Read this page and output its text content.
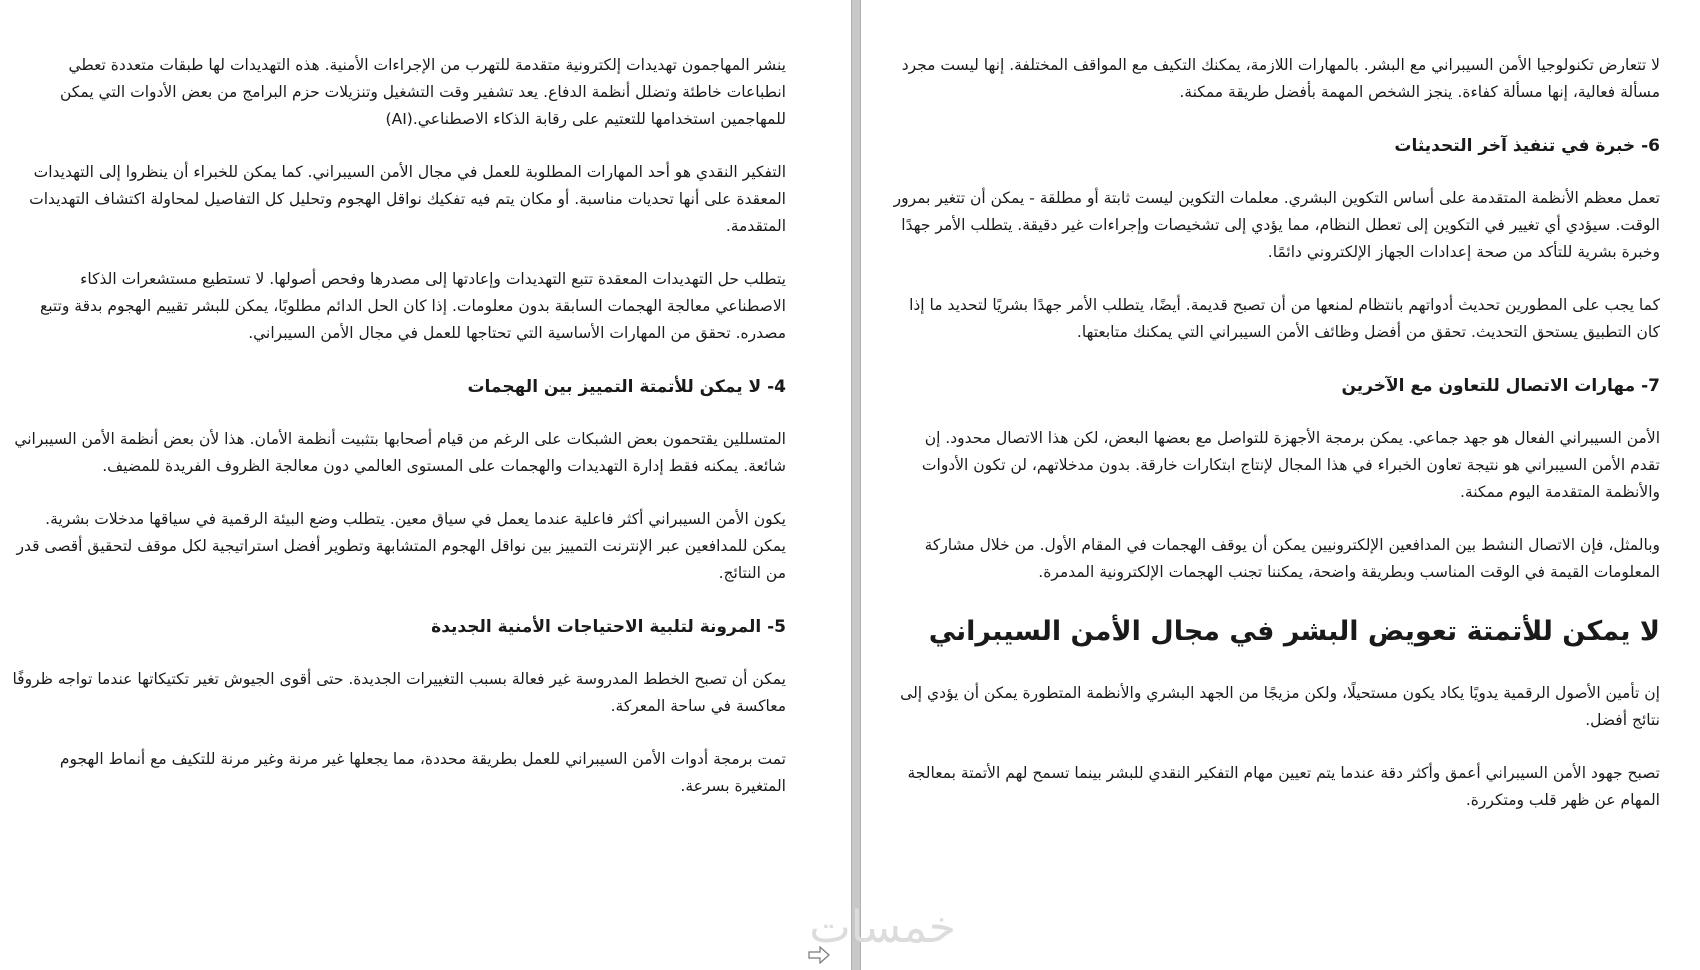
ينشر المهاجمون تهديدات إلكترونية متقدمة للتهرب من الإجراءات الأمنية. هذه التهديدات لها طبقات متعددة تعطي انطباعات خاطئة وتضلل أنظمة الدفاع. يعد تشفير وقت التشغيل وتنزيلات حزم البرامج من بعض الأدوات التي يمكن للمهاجمين استخدامها للتعتيم على رقابة الذكاء الاصطناعي.(AI)

التفكير النقدي هو أحد المهارات المطلوبة للعمل في مجال الأمن السيبراني. كما يمكن للخبراء أن ينظروا إلى التهديدات المعقدة على أنها تحديات مناسبة. أو مكان يتم فيه تفكيك نواقل الهجوم وتحليل كل التفاصيل لمحاولة اكتشاف التهديدات المتقدمة.

يتطلب حل التهديدات المعقدة تتبع التهديدات وإعادتها إلى مصدرها وفحص أصولها. لا تستطيع مستشعرات الذكاء الاصطناعي معالجة الهجمات السابقة بدون معلومات. إذا كان الحل الدائم مطلوبًا، يمكن للبشر تقييم الهجوم بدقة وتتبع مصدره. تحقق من المهارات الأساسية التي تحتاجها للعمل في مجال الأمن السيبراني.

4- لا يمكن للأتمتة التمييز بين الهجمات

المتسللين يقتحمون بعض الشبكات على الرغم من قيام أصحابها بتثبيت أنظمة الأمان. هذا لأن بعض أنظمة الأمن السيبراني شائعة. يمكنه فقط إدارة التهديدات والهجمات على المستوى العالمي دون معالجة الظروف الفريدة للمضيف.

يكون الأمن السيبراني أكثر فاعلية عندما يعمل في سياق معين. يتطلب وضع البيئة الرقمية في سياقها مدخلات بشرية. يمكن للمدافعين عبر الإنترنت التمييز بين نواقل الهجوم المتشابهة وتطوير أفضل استراتيجية لكل موقف لتحقيق أقصى قدر من النتائج.

5- المرونة لتلبية الاحتياجات الأمنية الجديدة

يمكن أن تصبح الخطط المدروسة غير فعالة بسبب التغييرات الجديدة. حتى أقوى الجيوش تغير تكتيكاتها عندما تواجه ظروفًا معاكسة في ساحة المعركة.

تمت برمجة أدوات الأمن السيبراني للعمل بطريقة محددة، مما يجعلها غير مرنة وغير مرنة للتكيف مع أنماط الهجوم المتغيرة بسرعة.

لا تتعارض تكنولوجيا الأمن السيبراني مع البشر. بالمهارات اللازمة، يمكنك التكيف مع المواقف المختلفة. إنها ليست مجرد مسألة فعالية، إنها مسألة كفاءة. ينجز الشخص المهمة بأفضل طريقة ممكنة.

6- خبرة في تنفيذ آخر التحديثات

تعمل معظم الأنظمة المتقدمة على أساس التكوين البشري. معلمات التكوين ليست ثابتة أو مطلقة - يمكن أن تتغير بمرور الوقت. سيؤدي أي تغيير في التكوين إلى تعطل النظام، مما يؤدي إلى تشخيصات وإجراءات غير دقيقة. يتطلب الأمر جهدًا وخبرة بشرية للتأكد من صحة إعدادات الجهاز الإلكتروني دائمًا.

كما يجب على المطورين تحديث أدواتهم بانتظام لمنعها من أن تصبح قديمة. أيضًا، يتطلب الأمر جهدًا بشريًا لتحديد ما إذا كان التطبيق يستحق التحديث. تحقق من أفضل وظائف الأمن السيبراني التي يمكنك متابعتها.

7- مهارات الاتصال للتعاون مع الآخرين

الأمن السيبراني الفعال هو جهد جماعي. يمكن برمجة الأجهزة للتواصل مع بعضها البعض، لكن هذا الاتصال محدود. إن تقدم الأمن السيبراني هو نتيجة تعاون الخبراء في هذا المجال لإنتاج ابتكارات خارقة. بدون مدخلاتهم، لن تكون الأدوات والأنظمة المتقدمة اليوم ممكنة.

وبالمثل، فإن الاتصال النشط بين المدافعين الإلكترونيين يمكن أن يوقف الهجمات في المقام الأول. من خلال مشاركة المعلومات القيمة في الوقت المناسب وبطريقة واضحة، يمكننا تجنب الهجمات الإلكترونية المدمرة.

لا يمكن للأتمتة تعويض البشر في مجال الأمن السيبراني

إن تأمين الأصول الرقمية يدويًا يكاد يكون مستحيلًا، ولكن مزيجًا من الجهد البشري والأنظمة المتطورة يمكن أن يؤدي إلى نتائج أفضل.

تصبح جهود الأمن السيبراني أعمق وأكثر دقة عندما يتم تعيين مهام التفكير النقدي للبشر بينما تسمح لهم الأتمتة بمعالجة المهام عن ظهر قلب ومتكررة.

خمسات
